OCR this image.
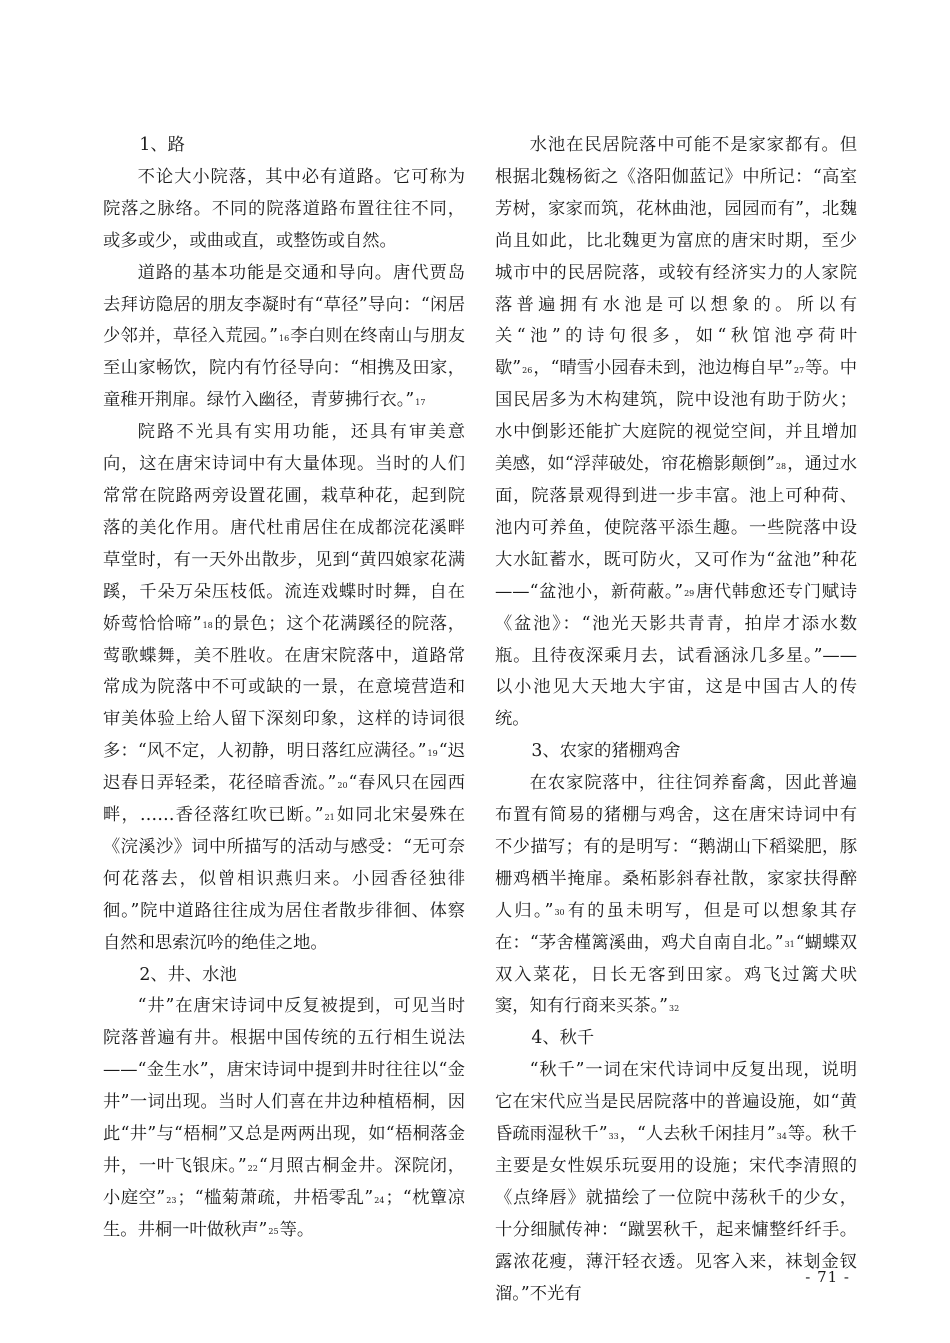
1、路

不论大小院落，其中必有道路。它可称为院落之脉络。不同的院落道路布置往往不同，或多或少，或曲或直，或整饬或自然。

道路的基本功能是交通和导向。唐代贾岛去拜访隐居的朋友李凝时有“草径”导向：“闲居少邻并，草径入荒园。”$^{16}$李白则在终南山与朋友至山家畅饮，院内有竹径导向：“相携及田家，童稚开荆扉。绿竹入幽径，青萝拂行衣。”$^{17}$

院路不光具有实用功能，还具有审美意向，这在唐宋诗词中有大量体现。当时的人们常常在院路两旁设置花圃，栽草种花，起到院落的美化作用。唐代杜甫居住在成都浣花溪畔草堂时，有一天外出散步，见到“黄四娘家花满蹊，千朵万朵压枝低。流连戏蝶时时舞，自在娇莺恰恰啼”$^{18}$的景色；这个花满蹊径的院落，莺歌蝶舞，美不胜收。在唐宋院落中，道路常常成为院落中不可或缺的一景，在意境营造和审美体验上给人留下深刻印象，这样的诗词很多：“风不定，人初静，明日落红应满径。”$^{19}$“迟迟春日弄轻柔，花径暗香流。”$^{20}$“春风只在园西畔，……香径落红吹已断。”$^{21}$如同北宋晏殊在《浣溪沙》词中所描写的活动与感受：“无可奈何花落去，似曾相识燕归来。小园香径独徘徊。”院中道路往往成为居住者散步徘徊、体察自然和思索沉吟的绝佳之地。

2、井、水池

“井”在唐宋诗词中反复被提到，可见当时院落普遍有井。根据中国传统的五行相生说法——“金生水”，唐宋诗词中提到井时往往以“金井”一词出现。当时人们喜在井边种植梧桐，因此“井”与“梧桐”又总是两两出现，如“梧桐落金井，一叶飞银床。”$^{22}$“月照古桐金井。深院闭，小庭空”$^{23}$；“槛菊萧疏，井梧零乱”$^{24}$；“枕簟凉生。井桐一叶做秋声”$^{25}$等。

水池在民居院落中可能不是家家都有。但根据北魏杨衒之《洛阳伽蓝记》中所记：“高室芳树，家家而筑，花林曲池，园园而有”，北魏尚且如此，比北魏更为富庶的唐宋时期，至少城市中的民居院落，或较有经济实力的人家院落普遍拥有水池是可以想象的。所以有关“池”的诗句很多，如“秋馆池亭荷叶歇”$^{26}$，“晴雪小园春未到，池边梅自早”$^{27}$等。中国民居多为木构建筑，院中设池有助于防火；水中倒影还能扩大庭院的视觉空间，并且增加美感，如“浮萍破处，帘花檐影颠倒”$^{28}$，通过水面，院落景观得到进一步丰富。池上可种荷、池内可养鱼，使院落平添生趣。一些院落中设大水缸蓄水，既可防火，又可作为“盆池”种花——“盆池小，新荷蔽。”$^{29}$唐代韩愈还专门赋诗《盆池》：“池光天影共青青，拍岸才添水数瓶。且待夜深乘月去，试看涵泳几多星。”——以小池见大天地大宇宙，这是中国古人的传统。

3、农家的猪棚鸡舍

在农家院落中，往往饲养畜禽，因此普遍布置有简易的猪棚与鸡舍，这在唐宋诗词中有不少描写；有的是明写：“鹅湖山下稻粱肥，豚栅鸡栖半掩扉。桑柘影斜春社散，家家扶得醉人归。”$^{30}$有的虽未明写，但是可以想象其存在：“茅舍槿篱溪曲，鸡犬自南自北。”$^{31}$“蝴蝶双双入菜花，日长无客到田家。鸡飞过篱犬吠窦，知有行商来买茶。”$^{32}$

4、秋千

“秋千”一词在宋代诗词中反复出现，说明它在宋代应当是民居院落中的普遍设施，如“黄昏疏雨湿秋千”$^{33}$，“人去秋千闲挂月”$^{34}$等。秋千主要是女性娱乐玩耍用的设施；宋代李清照的《点绛唇》就描绘了一位院中荡秋千的少女，十分细腻传神：“蹴罢秋千，起来慵整纤纤手。露浓花瘦，薄汗轻衣透。见客入来，袜刬金钗溜。”不光有

- 71 -
